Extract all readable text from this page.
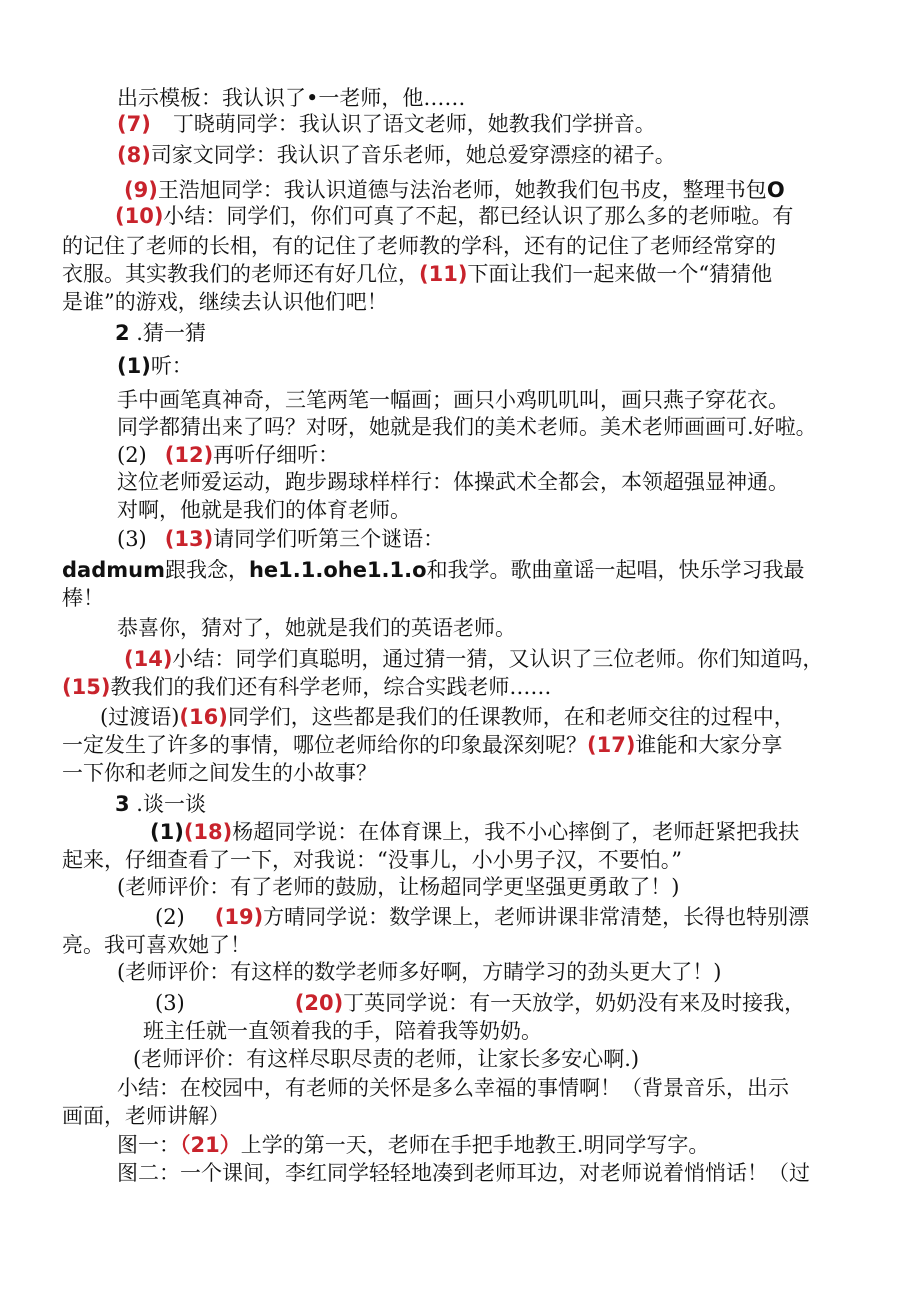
出示模板：我认识了•一老师，他……
(7) 丁晓萌同学：我认识了语文老师，她教我们学拼音。
(8)司家文同学：我认识了音乐老师，她总爱穿漂痉的裙子。
(9)王浩旭同学：我认识道德与法治老师，她教我们包书皮，整理书包O
(10)小结：同学们，你们可真了不起，都已经认识了那么多的老师啦。有
的记住了老师的长相，有的记住了老师教的学科，还有的记住了老师经常穿的
衣服。其实教我们的老师还有好几位，(11)下面让我们一起来做一个“猜猜他
是谁”的游戏，继续去认识他们吧！
2 .猜一猜
(1)听：
手中画笔真神奇，三笔两笔一幅画；画只小鸡叽叽叫，画只燕子穿花衣。
同学都猜出来了吗？对呀，她就是我们的美术老师。美术老师画画可.好啦。
(2) (12)再听仔细听：
这位老师爱运动，跑步踢球样样行：体操武术全都会，本领超强显神通。
对啊，他就是我们的体育老师。
(3) (13)请同学们听第三个谜语：
dadmum跟我念，he1.1.ohe1.1.o和我学。歌曲童谣一起唱，快乐学习我最
棒！
恭喜你，猜对了，她就是我们的英语老师。
(14)小结：同学们真聪明，通过猜一猜，又认识了三位老师。你们知道吗，
(15)教我们的我们还有科学老师，综合实践老师……
(过渡语)(16)同学们，这些都是我们的任课教师，在和老师交往的过程中，
一定发生了许多的事情，哪位老师给你的印象最深刻呢？(17)谁能和大家分享
一下你和老师之间发生的小故事？
3 .谈一谈
(1)(18)杨超同学说：在体育课上，我不小心摔倒了，老师赶紧把我扶
起来，仔细查看了一下，对我说：“没事儿，小小男子汉，不要怕。”
(老师评价：有了老师的鼓励，让杨超同学更坚强更勇敢了！)
(2) (19)方晴同学说：数学课上，老师讲课非常清楚，长得也特别漂
亮。我可喜欢她了！
(老师评价：有这样的数学老师多好啊，方睛学习的劲头更大了！)
(3)	(20)丁英同学说：有一天放学，奶奶没有来及时接我，
班主任就一直领着我的手，陪着我等奶奶。
(老师评价：有这样尽职尽责的老师，让家长多安心啊.)
小结：在校园中，有老师的关怀是多么幸福的事情啊！（背景音乐，出示
画面，老师讲解）
图一：（21）上学的第一天，老师在手把手地教王.明同学写字。
图二：一个课间，李红同学轻轻地凑到老师耳边，对老师说着悄悄话！（过
